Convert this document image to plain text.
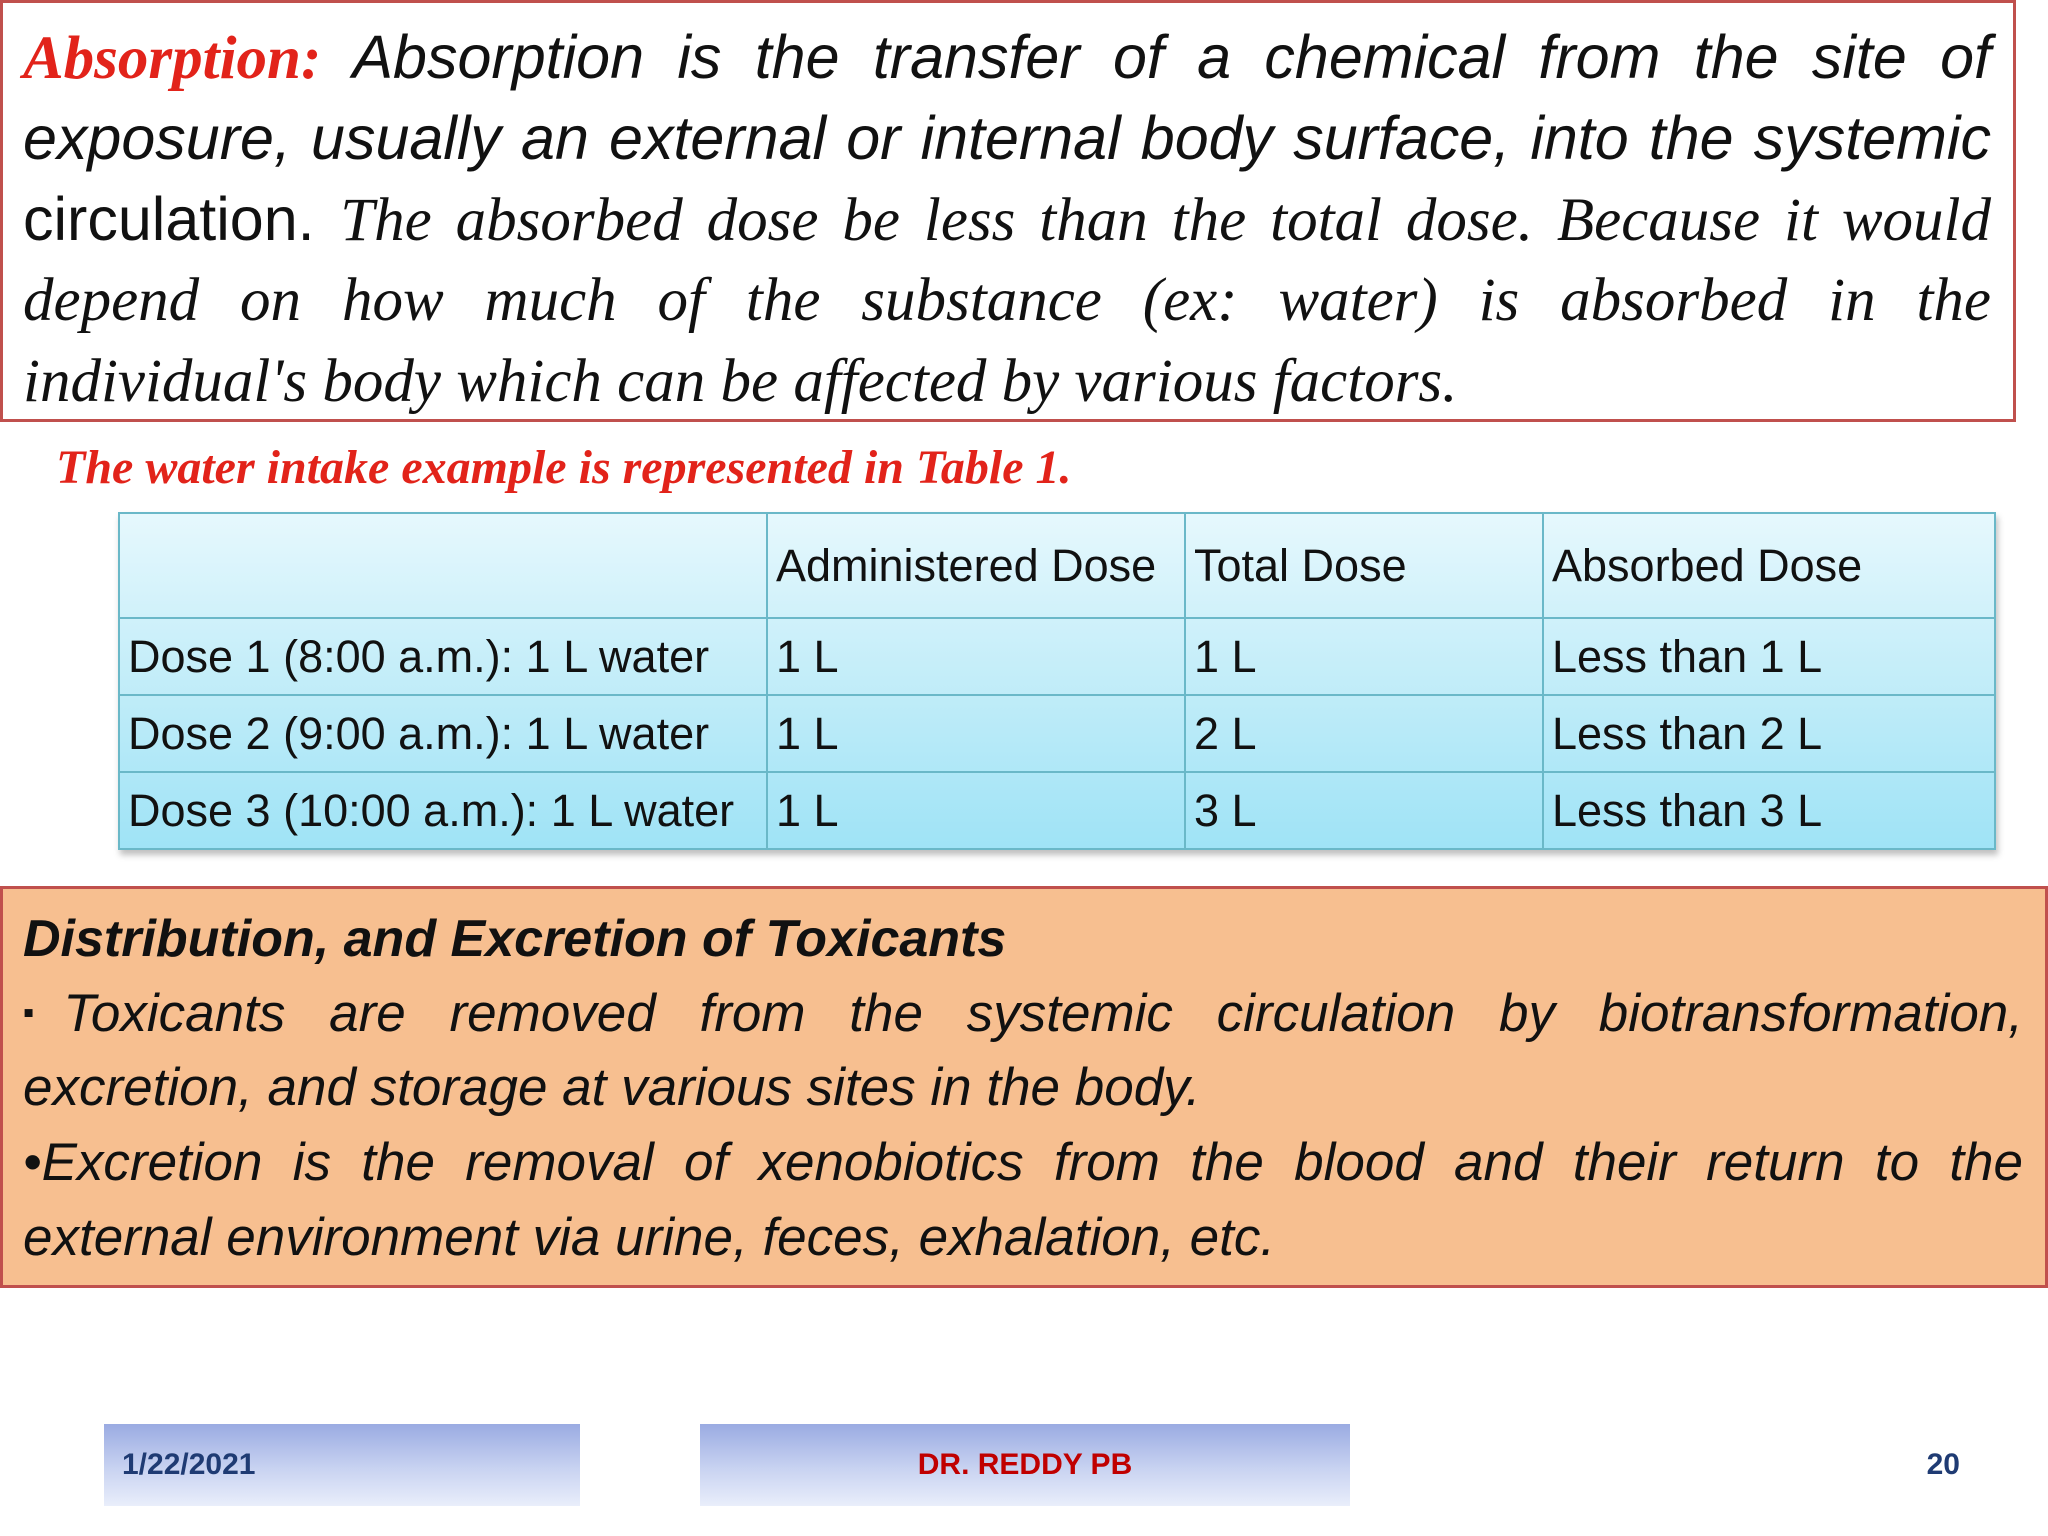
Absorption: Absorption is the transfer of a chemical from the site of
exposure, usually an external or internal body surface, into the systemic
circulation. The absorbed dose be less than the total dose. Because it would
depend on how much of the substance (ex: water) is absorbed in the
individual's body which can be affected by various factors.
The water intake example is represented in Table 1.
	Administered Dose	Total Dose	Absorbed Dose
Dose 1 (8:00 a.m.): 1 L water	1 L	1 L	Less than 1 L
Dose 2 (9:00 a.m.): 1 L water	1 L	2 L	Less than 2 L
Dose 3 (10:00 a.m.): 1 L water	1 L	3 L	Less than 3 L
Distribution, and Excretion of Toxicants
▪Toxicants are removed from the systemic circulation by biotransformation,
excretion, and storage at various sites in the body.
•Excretion is the removal of xenobiotics from the blood and their return to the
external environment via urine, feces, exhalation, etc.
1/22/2021	DR. REDDY PB	20
